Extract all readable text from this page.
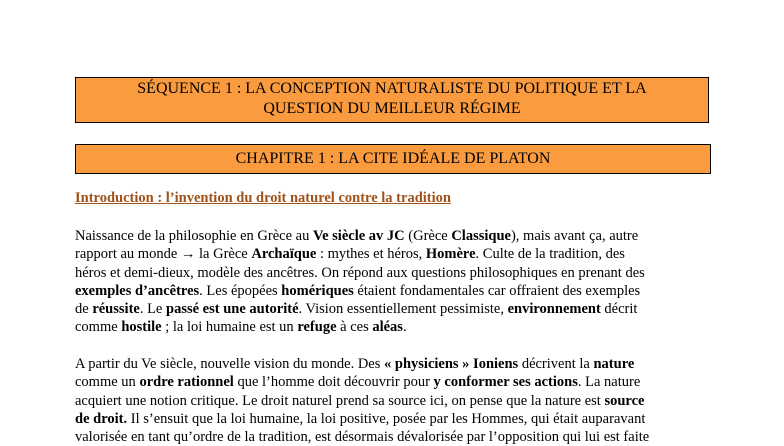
SÉQUENCE 1 : LA CONCEPTION NATURALISTE DU POLITIQUE ET LA
QUESTION DU MEILLEUR RÉGIME
CHAPITRE 1 : LA CITE IDÉALE DE PLATON
Introduction : l’invention du droit naturel contre la tradition
Naissance de la philosophie en Grèce au Ve siècle av JC (Grèce Classique), mais avant ça, autre
rapport au monde → la Grèce Archaïque : mythes et héros, Homère. Culte de la tradition, des
héros et demi-dieux, modèle des ancêtres. On répond aux questions philosophiques en prenant des
exemples d’ancêtres. Les épopées homériques étaient fondamentales car offraient des exemples
de réussite. Le passé est une autorité. Vision essentiellement pessimiste, environnement décrit
comme hostile ; la loi humaine est un refuge à ces aléas.
A partir du Ve siècle, nouvelle vision du monde. Des « physiciens » Ioniens décrivent la nature
comme un ordre rationnel que l’homme doit découvrir pour y conformer ses actions. La nature
acquiert une notion critique. Le droit naturel prend sa source ici, on pense que la nature est source
de droit. Il s’ensuit que la loi humaine, la loi positive, posée par les Hommes, qui était auparavant
valorisée en tant qu’ordre de la tradition, est désormais dévalorisée par l’opposition qui lui est faite
